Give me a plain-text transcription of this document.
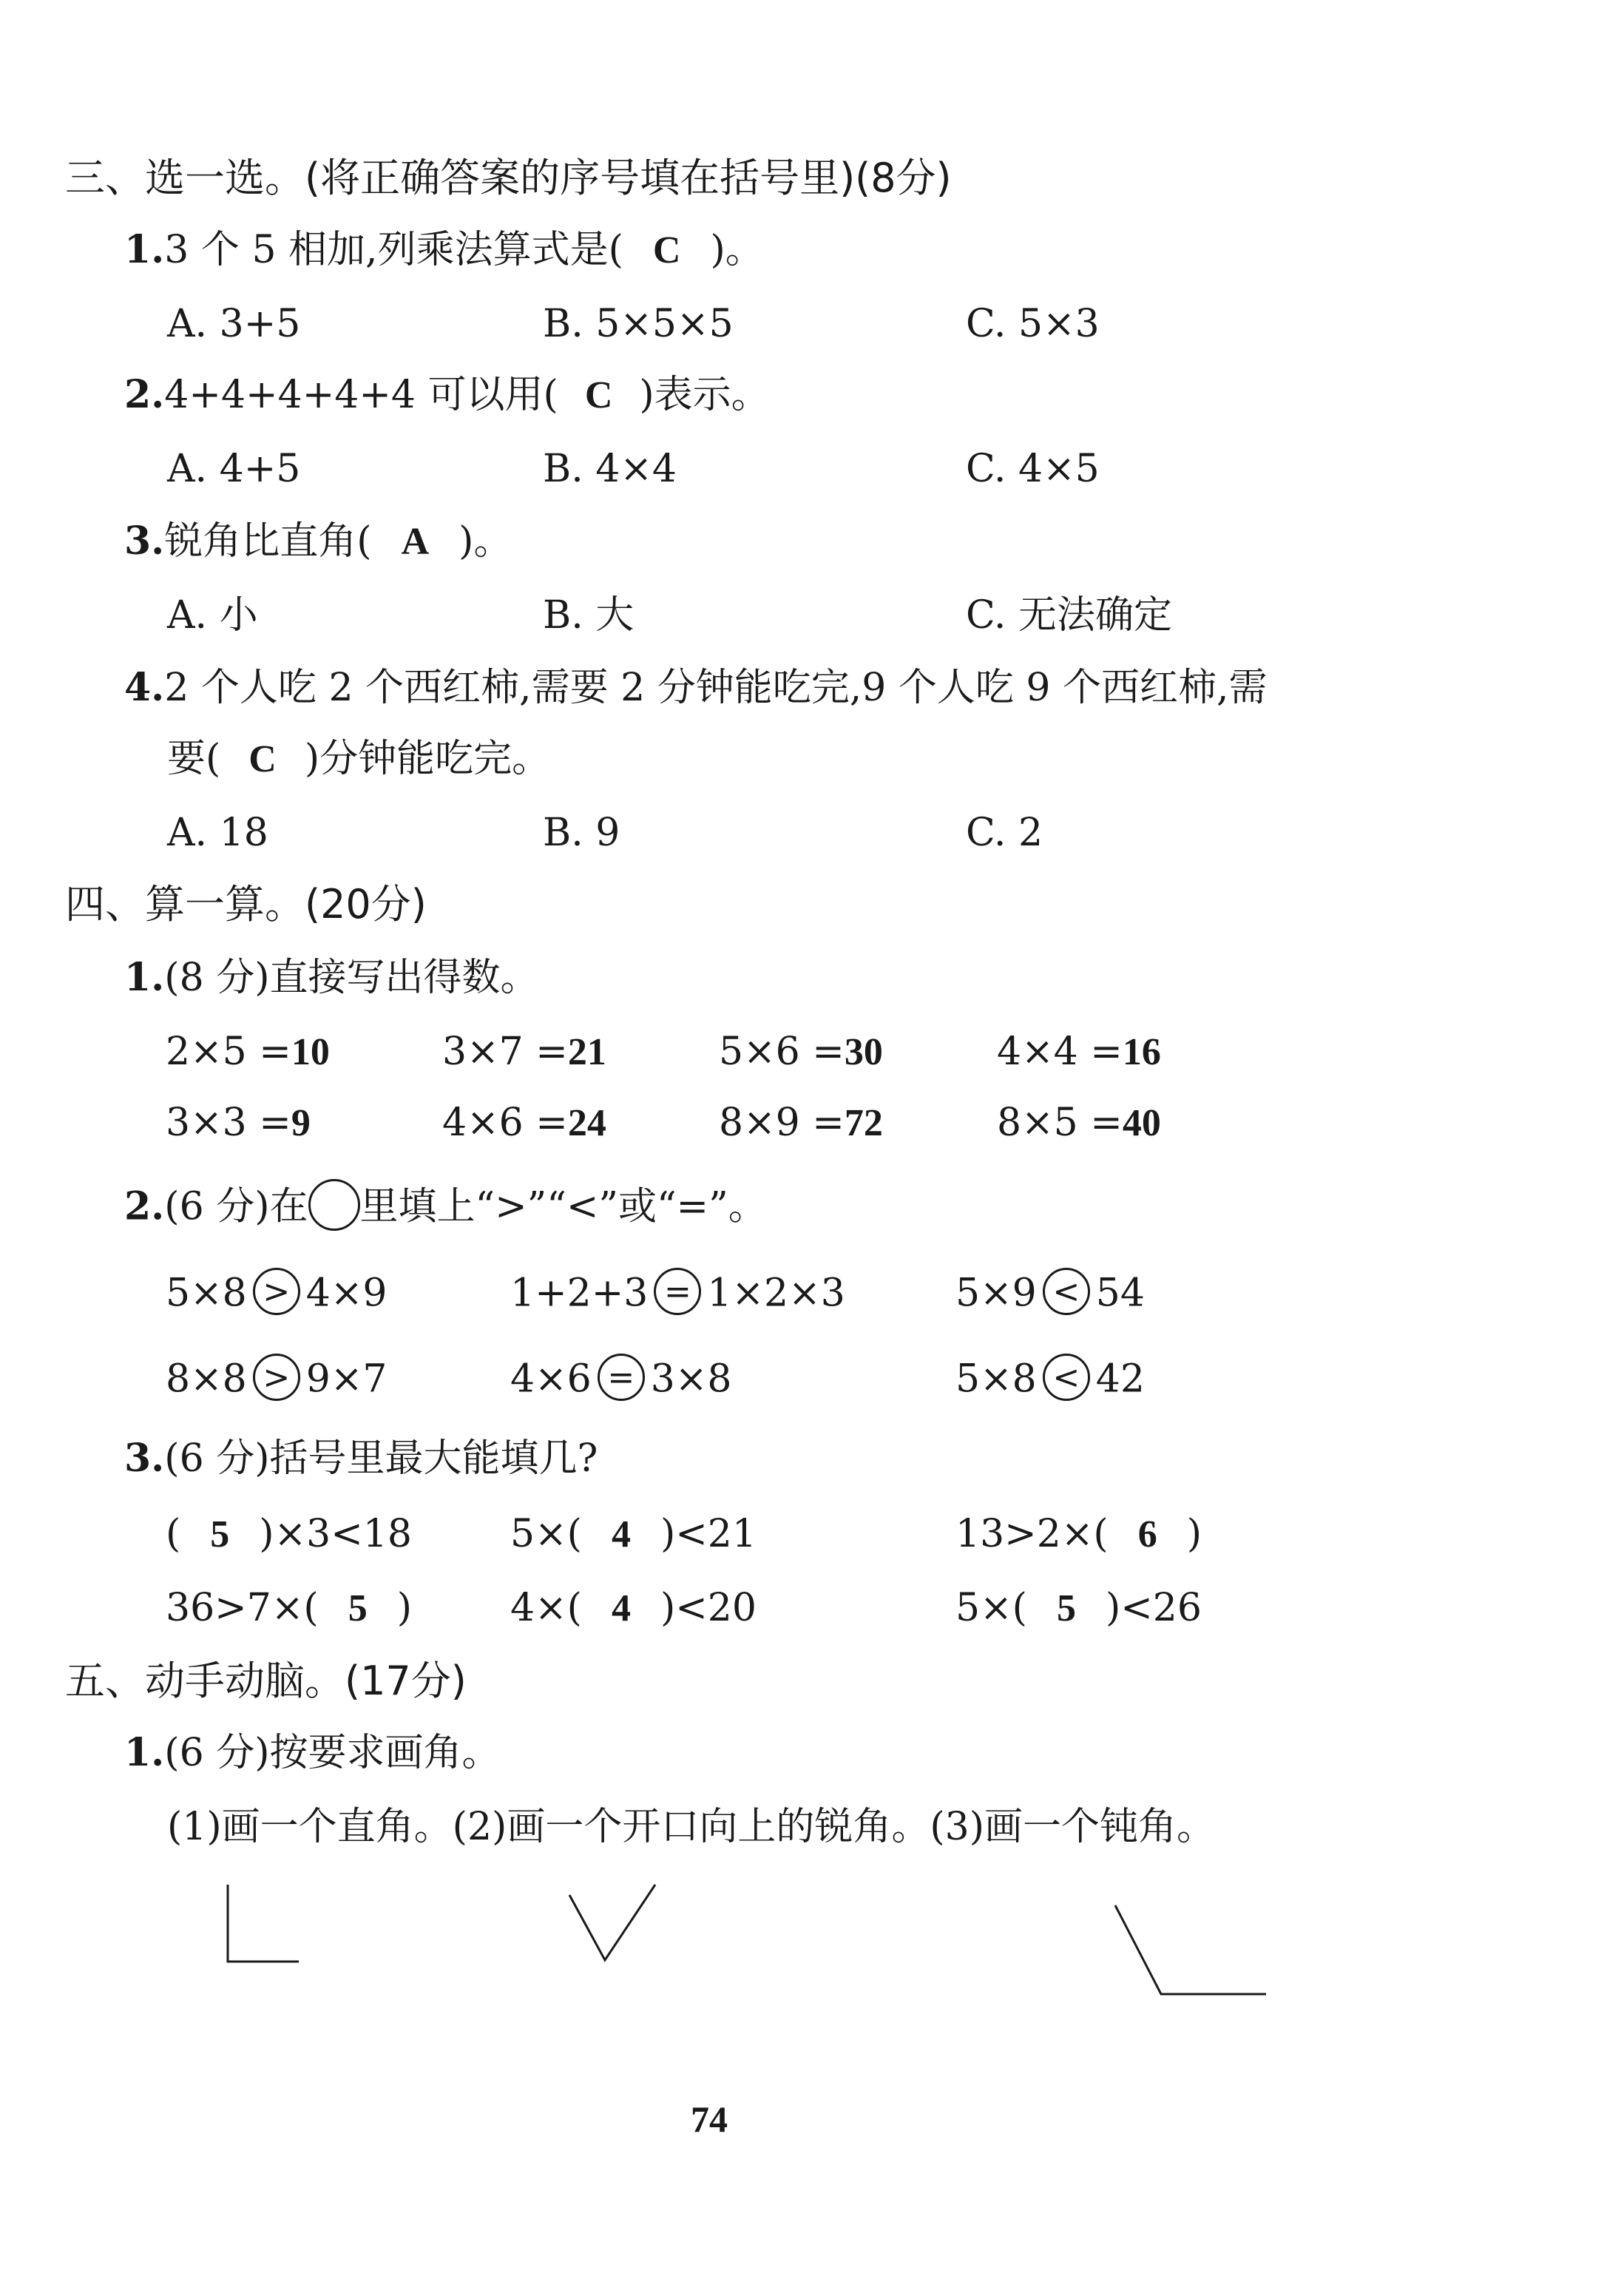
三、选一选。(将正确答案的序号填在括号里)(8分)
1.3 个 5 相加,列乘法算式是( C )。
A. 3+5	B. 5×5×5	C. 5×3
2.4+4+4+4+4 可以用( C )表示。
A. 4+5	B. 4×4	C. 4×5
3.锐角比直角( A )。
A. 小	B. 大	C. 无法确定
4.2 个人吃 2 个西红柿,需要 2 分钟能吃完,9 个人吃 9 个西红柿,需
要( C )分钟能吃完。
A. 18	B. 9	C. 2
四、算一算。(20分)
1.(8 分)直接写出得数。
2×5 =10	3×7 =21	5×6 =30	4×4 =16
3×3 =9	4×6 =24	8×9 =72	8×5 =40
2.(6 分)在 里填上“>”“<”或“=”。
5×8 > 4×9	1+2+3 = 1×2×3	5×9 < 54
8×8 > 9×7	4×6 = 3×8	5×8 < 42
3.(6 分)括号里最大能填几?
( 5 )×3<18	5×( 4 )<21	13>2×( 6 )
36>7×( 5 )	4×( 4 )<20	5×( 5 )<26
五、动手动脑。(17分)
1.(6 分)按要求画角。
(1)画一个直角。(2)画一个开口向上的锐角。(3)画一个钝角。
74
